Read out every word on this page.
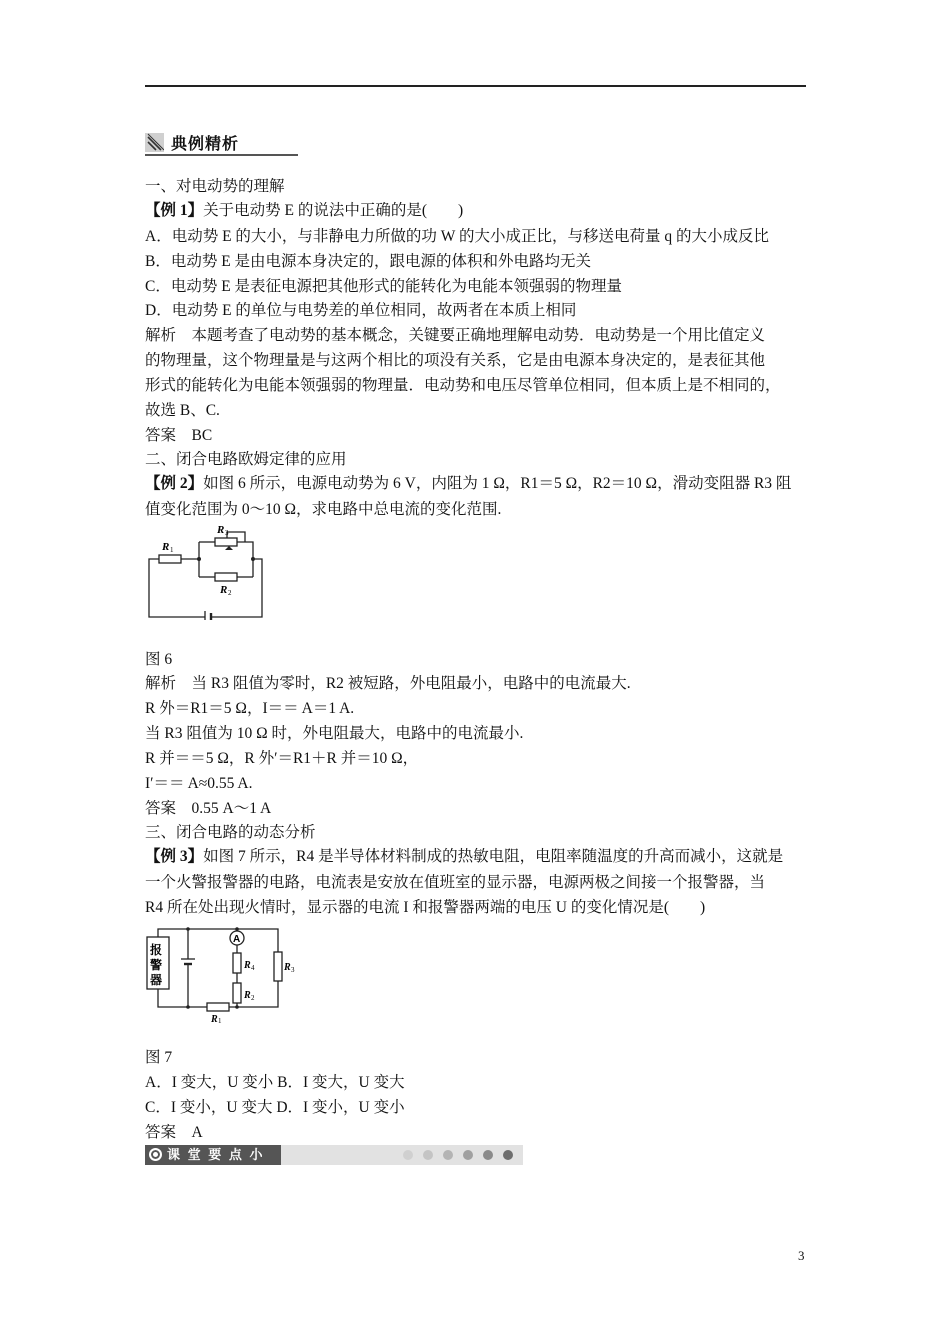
典例精析
一、对电动势的理解
【例 1】关于电动势 E 的说法中正确的是(　　)
A．电动势 E 的大小，与非静电力所做的功 W 的大小成正比，与移送电荷量 q 的大小成反比
B．电动势 E 是由电源本身决定的，跟电源的体积和外电路均无关
C．电动势 E 是表征电源把其他形式的能转化为电能本领强弱的物理量
D．电动势 E 的单位与电势差的单位相同，故两者在本质上相同
解析　本题考查了电动势的基本概念，关键要正确地理解电动势．电动势是一个用比值定义
的物理量，这个物理量是与这两个相比的项没有关系，它是由电源本身决定的，是表征其他
形式的能转化为电能本领强弱的物理量．电动势和电压尽管单位相同，但本质上是不相同的，
故选 B、C.
答案　BC
二、闭合电路欧姆定律的应用
【例 2】如图 6 所示，电源电动势为 6 V，内阻为 1 Ω，R1＝5 Ω，R2＝10 Ω，滑动变阻器 R3 阻
值变化范围为 0～10 Ω，求电路中总电流的变化范围.
R 1
R 3
R 2
图 6
解析　当 R3 阻值为零时，R2 被短路，外电阻最小，电路中的电流最大.
R 外＝R1＝5 Ω，I＝＝ A＝1 A.
当 R3 阻值为 10 Ω 时，外电阻最大，电路中的电流最小.
R 并＝＝5 Ω，R 外′＝R1＋R 并＝10 Ω，
I′＝＝ A≈0.55 A.
答案　0.55 A～1 A
三、闭合电路的动态分析
【例 3】如图 7 所示，R4 是半导体材料制成的热敏电阻，电阻率随温度的升高而减小，这就是
一个火警报警器的电路，电流表是安放在值班室的显示器，电源两极之间接一个报警器，当
R4 所在处出现火情时，显示器的电流 I 和报警器两端的电压 U 的变化情况是(　　)
报
警
器
A
R 4
R 2
R 3
R 1
图 7
A．I 变大，U 变小 B．I 变大，U 变大
C．I 变小，U 变大 D．I 变小，U 变小
答案　A
课 堂 要 点 小 结
3
